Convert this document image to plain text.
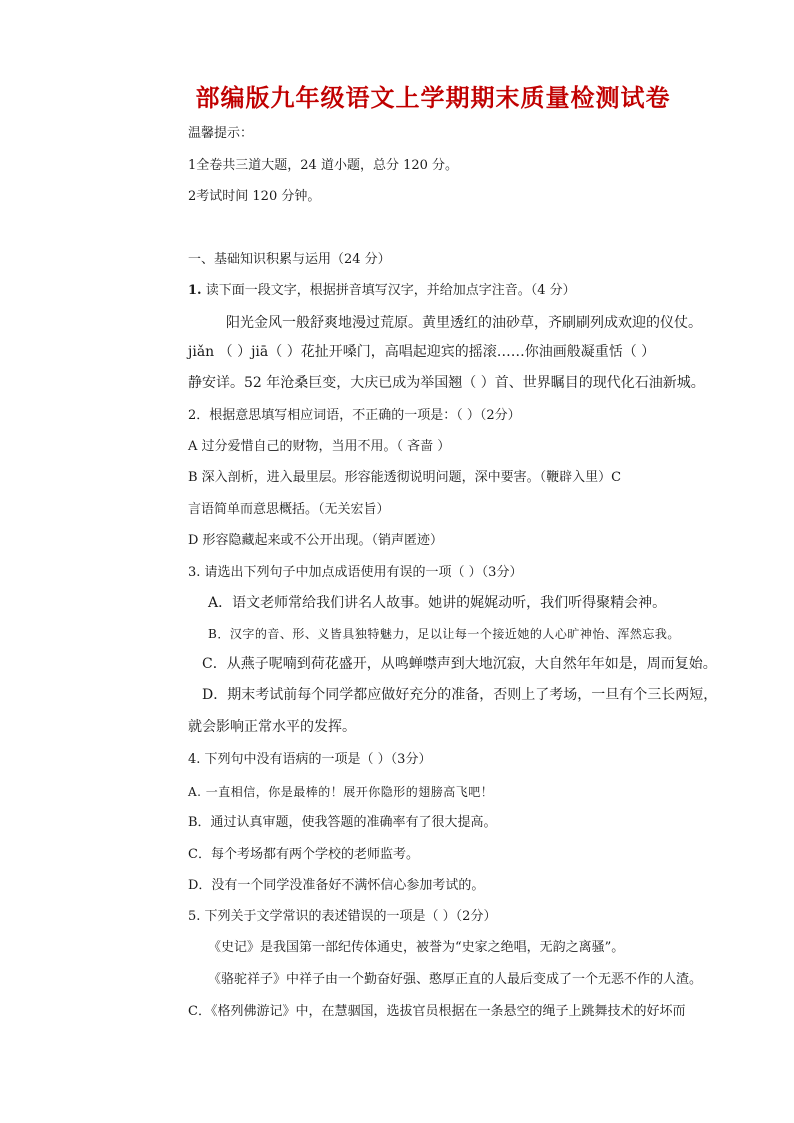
部编版九年级语文上学期期末质量检测试卷
温馨提示：
1全卷共三道大题，24 道小题，总分 120 分。
2考试时间 120 分钟。
一、基础知识积累与运用（24 分）
1. 读下面一段文字，根据拼音填写汉字，并给加点字注音。（4 分）
阳光金风一般舒爽地漫过荒原。黄里透红的油砂草，齐刷刷列成欢迎的仪仗。
jiǎn （ ）jiā（ ）花扯开嗓门，高唱起迎宾的摇滚……你油画般凝重恬（ ）
静安详。52 年沧桑巨变，大庆已成为举国翘（ ）首、世界瞩目的现代化石油新城。
2．根据意思填写相应词语，不正确的一项是：（ ）（2分）
A 过分爱惜自己的财物，当用不用。（ 吝啬 ）
B 深入剖析，进入最里层。形容能透彻说明问题，深中要害。（鞭辟入里）C
言语简单而意思概括。（无关宏旨）
D 形容隐藏起来或不公开出现。（销声匿迹）
3. 请选出下列句子中加点成语使用有误的一项（ ）（3分）
A．语文老师常给我们讲名人故事。她讲的娓娓动听，我们听得聚精会神。
B．汉字的音、形、义皆具独特魅力，足以让每一个接近她的人心旷神怡、浑然忘我。
C．从燕子呢喃到荷花盛开，从鸣蝉噤声到大地沉寂，大自然年年如是，周而复始。
D．期末考试前每个同学都应做好充分的准备，否则上了考场，一旦有个三长两短，
就会影响正常水平的发挥。
4. 下列句中没有语病的一项是（ ）（3分）
A. 一直相信，你是最棒的！展开你隐形的翅膀高飞吧！
B．通过认真审题，使我答题的准确率有了很大提高。
C．每个考场都有两个学校的老师监考。
D．没有一个同学没准备好不满怀信心参加考试的。
5. 下列关于文学常识的表述错误的一项是（ ）（2分）
《史记》是我国第一部纪传体通史，被誉为“史家之绝唱，无韵之离骚”。
《骆驼祥子》中祥子由一个勤奋好强、憨厚正直的人最后变成了一个无恶不作的人渣。
C．《格列佛游记》中，在慧骃国，选拔官员根据在一条悬空的绳子上跳舞技术的好坏而
